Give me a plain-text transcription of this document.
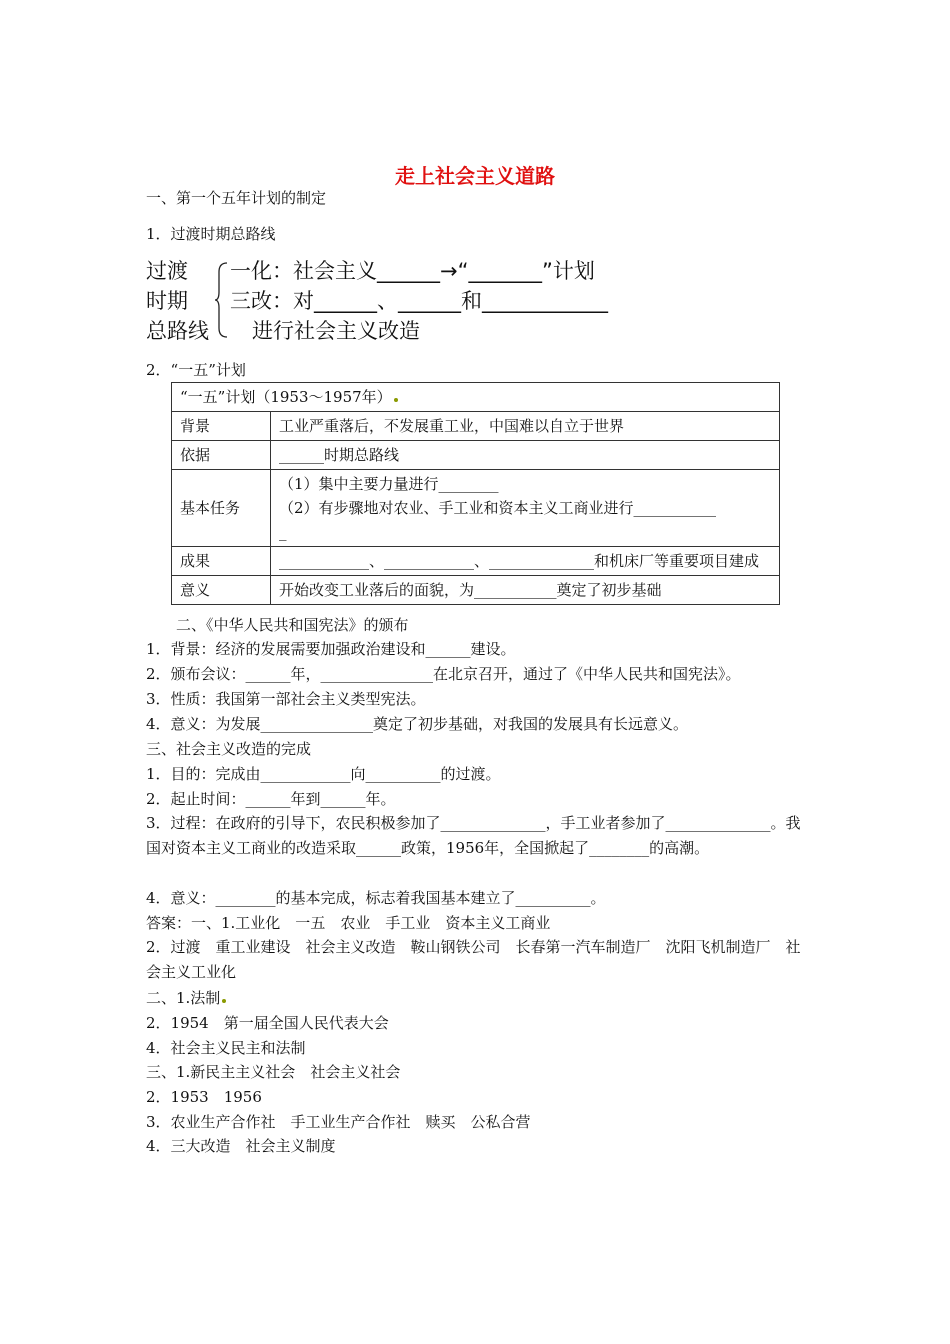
走上社会主义道路
一、第一个五年计划的制定
1．过渡时期总路线
过渡
时期
总路线
一化：社会主义______→“_______”计划
三改：对______、______和____________
进行社会主义改造
2．“一五”计划
“一五”计划（1953～1957年）	
背景	工业严重落后，不发展重工业，中国难以自立于世界
依据	______时期总路线
基本任务	（1）集中主要力量进行________
（2）有步骤地对农业、手工业和资本主义工商业进行___________
_

成果	____________、____________、______________和机床厂等重要项目建成
意义	开始改变工业落后的面貌，为___________奠定了初步基础
二、《中华人民共和国宪法》的颁布
1．背景：经济的发展需要加强政治建设和______建设。
2．颁布会议：______年，_______________在北京召开，通过了《中华人民共和国宪法》。
3．性质：我国第一部社会主义类型宪法。
4．意义：为发展_______________奠定了初步基础，对我国的发展具有长远意义。
三、社会主义改造的完成
1．目的：完成由____________向__________的过渡。
2．起止时间：______年到______年。
3．过程：在政府的引导下，农民积极参加了______________，手工业者参加了______________。我国对资本主义工商业的改造采取______政策，1956年，全国掀起了________的高潮。
4．意义：________的基本完成，标志着我国基本建立了__________。
答案：一、1.工业化　一五　农业　手工业　资本主义工商业
2．过渡　重工业建设　社会主义改造　鞍山钢铁公司　长春第一汽车制造厂　沈阳飞机制造厂　社会主义工业化
二、1.法制
2．1954　第一届全国人民代表大会
4．社会主义民主和法制
三、1.新民主主义社会　社会主义社会
2．1953　1956
3．农业生产合作社　手工业生产合作社　赎买　公私合营
4．三大改造　社会主义制度
